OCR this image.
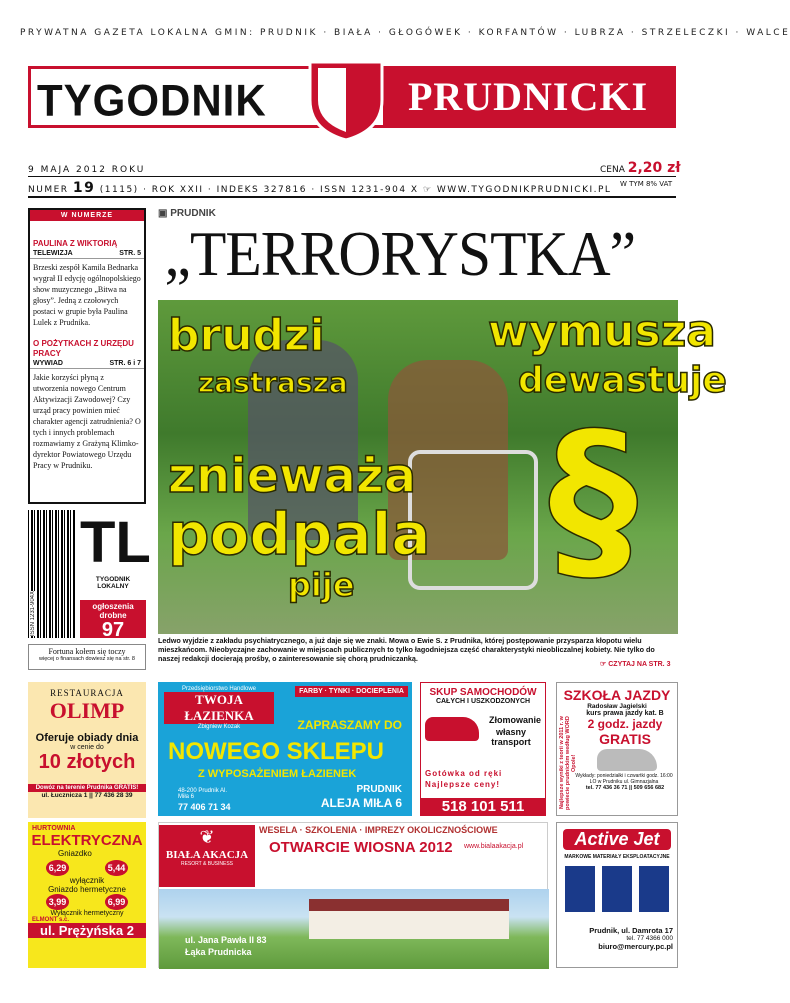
PRYWATNA GAZETA LOKALNA GMIN: PRUDNIK · BIAŁA · GŁOGÓWEK · KORFANTÓW · LUBRZA · STRZELECZKI · WALCE
TYGODNIK	PRUDNICKI
9 MAJA 2012 ROKU	CENA 2,20 zł
W TYM 8% VAT
NUMER 19 (1115) · ROK XXII · INDEKS 327816 · ISSN 1231-904 X ☞ WWW.TYGODNIKPRUDNICKI.PL
W NUMERZE
PAULINA Z WIKTORIĄ
TELEWIZJA	STR. 5
Brzeski zespół Kamila Bednarka wygrał II edycję ogólnopolskiego show muzycznego „Bitwa na głosy”. Jedną z czołowych postaci w grupie była Paulina Lulek z Prudnika.
O POŻYTKACH Z URZĘDU PRACY
WYWIAD	STR. 6 i 7
Jakie korzyści płyną z utworzenia nowego Centrum Aktywizacji Zawodowej? Czy urząd pracy powinien mieć charakter agencji zatrudnienia? O tych i innych problemach rozmawiamy z Grażyną Klimko-dyrektor Powiatowego Urzędu Pracy w Prudniku.
▣ PRUDNIK
„TERRORYSTKA”
brudzi
zastrasza
wymusza
dewastuje
znieważa
podpala
pije §
Ledwo wyjdzie z zakładu psychiatrycznego, a już daje się we znaki. Mowa o Ewie S. z Prudnika, której postępowanie przysparza kłopotu wielu mieszkańcom. Nieobyczajne zachowanie w miejscach publicznych to tylko łagodniejsza część charakterystyki nieobliczalnej kobiety. Nie tylko do naszej redakcji docierają prośby, o zainteresowanie się chorą prudniczanką.
☞ CZYTAJ NA STR. 3
ISSN 1231-904X
TL
TYGODNIK LOKALNY
ogłoszenia drobne
97
Fortuna kołem się toczy
więcej o finansach dowiesz się na str. 8
RESTAURACJA
OLIMP
Oferuje obiady dnia
w cenie do
10 złotych
Dowóz na terenie Prudnika GRATIS!
ul. Łucznicza 1 || 77 436 28 39
HURTOWNIA
ELEKTRYCZNA
Gniazdko
6,29	5,44
wyłącznik
Gniazdo hermetyczne
3,99	6,99
Wyłącznik hermetyczny
ELMONT s.c.
ul. Prężyńska 2
Przedsiębiorstwo Handlowe
TWOJA ŁAZIENKA
Zbigniew Kozak
FARBY · TYNKI · DOCIEPLENIA
ZAPRASZAMY DO
NOWEGO SKLEPU
Z WYPOSAŻENIEM ŁAZIENEK
48-200 Prudnik Al. Miła 6
77 406 71 34
PRUDNIK
ALEJA MIŁA 6
SKUP SAMOCHODÓW
CAŁYCH I USZKODZONYCH
Złomowanie
własny transport
Gotówka od ręki
Najlepsze ceny!
518 101 511
SZKOŁA JAZDY
Radosław Jagielski
Najlepsze wyniki z teorii w 2011 r. w powiecie prudnickim według WORD Opole!
kurs prawa jazdy kat. B
2 godz. jazdy
GRATIS
Wykłady: poniedziałki i czwartki godz. 16:00 LO w Prudniku ul. Gimnazjalna
tel. 77 436 36 71 || 509 656 682
WESELA · SZKOLENIA · IMPREZY OKOLICZNOŚCIOWE
OTWARCIE WIOSNA 2012 www.bialaakacja.pl
❦
BIAŁA AKACJA
RESORT & BUSINESS
ul. Jana Pawła II 83
Łąka Prudnicka
Active Jet
MARKOWE MATERIAŁY EKSPLOATACYJNE
Prudnik, ul. Damrota 17
tel. 77 4366 000
biuro@mercury.pc.pl
